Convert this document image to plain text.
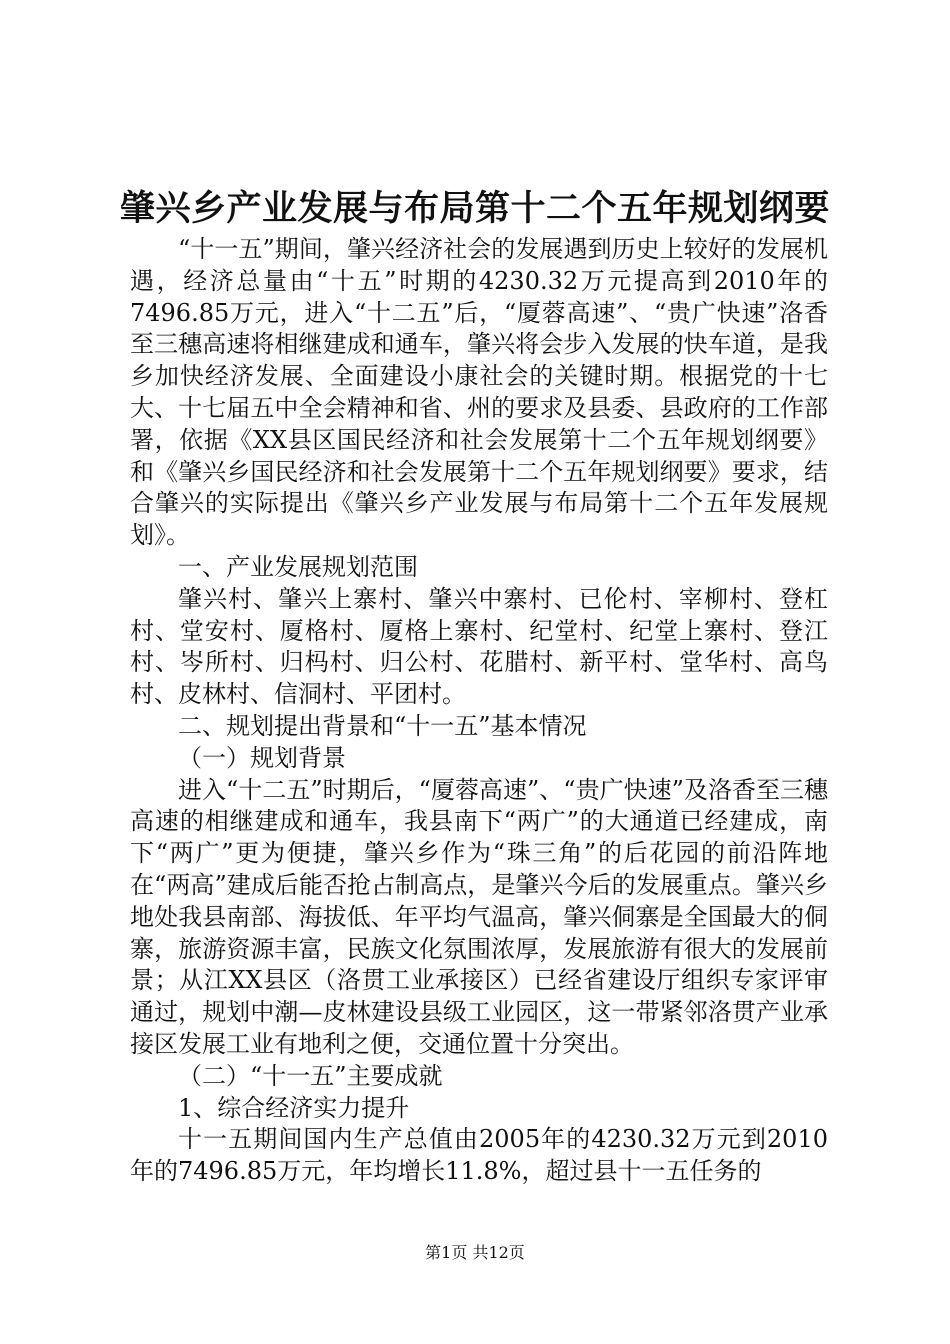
肇兴乡产业发展与布局第十二个五年规划纲要

“十一五”期间，肇兴经济社会的发展遇到历史上较好的发展机遇，经济总量由“十五”时期的4230.32万元提高到2010年的7496.85万元，进入“十二五”后，“厦蓉高速”、“贵广快速”洛香至三穗高速将相继建成和通车，肇兴将会步入发展的快车道，是我乡加快经济发展、全面建设小康社会的关键时期。根据党的十七大、十七届五中全会精神和省、州的要求及县委、县政府的工作部署，依据《XX县区国民经济和社会发展第十二个五年规划纲要》和《肇兴乡国民经济和社会发展第十二个五年规划纲要》要求，结合肇兴的实际提出《肇兴乡产业发展与布局第十二个五年发展规划》。

一、产业发展规划范围

肇兴村、肇兴上寨村、肇兴中寨村、已伦村、宰柳村、登杠村、堂安村、厦格村、厦格上寨村、纪堂村、纪堂上寨村、登江村、岑所村、归杩村、归公村、花腊村、新平村、堂华村、高鸟村、皮林村、信洞村、平团村。

二、规划提出背景和“十一五”基本情况

（一）规划背景

进入“十二五”时期后，“厦蓉高速”、“贵广快速”及洛香至三穗高速的相继建成和通车，我县南下“两广”的大通道已经建成，南下“两广”更为便捷，肇兴乡作为“珠三角”的后花园的前沿阵地在“两高”建成后能否抢占制高点，是肇兴今后的发展重点。肇兴乡地处我县南部、海拔低、年平均气温高，肇兴侗寨是全国最大的侗寨，旅游资源丰富，民族文化氛围浓厚，发展旅游有很大的发展前景；从江XX县区（洛贯工业承接区）已经省建设厅组织专家评审通过，规划中潮—皮林建设县级工业园区，这一带紧邻洛贯产业承接区发展工业有地利之便，交通位置十分突出。

（二）“十一五”主要成就

1、综合经济实力提升

十一五期间国内生产总值由2005年的4230.32万元到2010年的7496.85万元，年均增长11.8%，超过县十一五任务的

第1页 共12页
